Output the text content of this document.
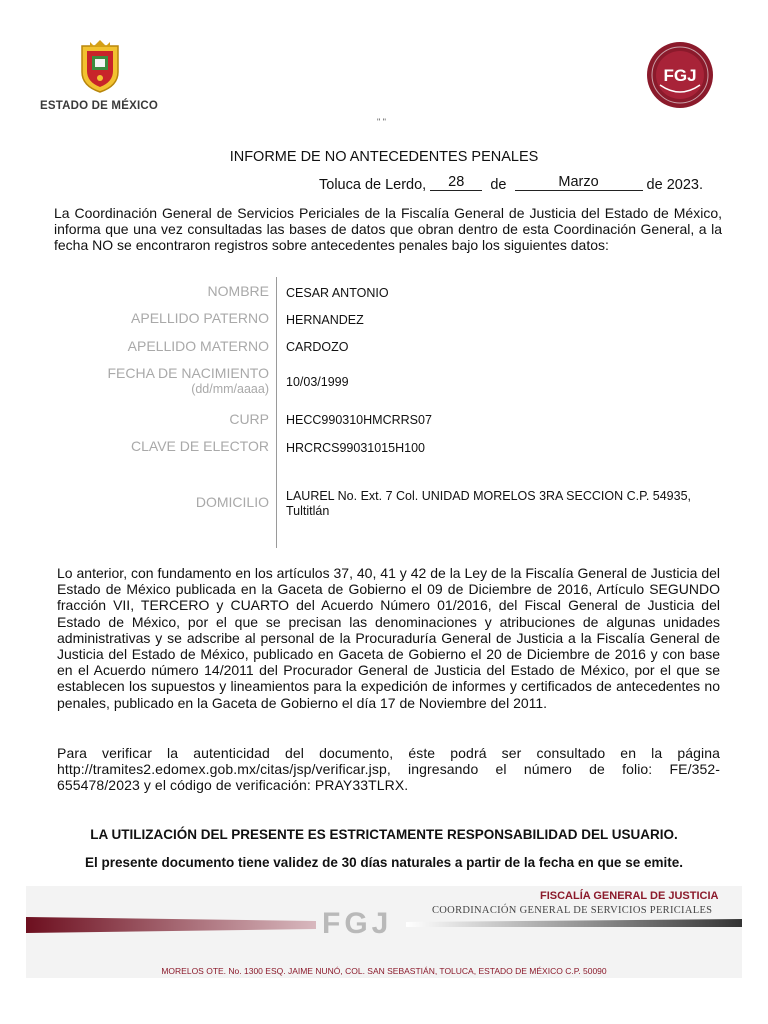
ESTADO DE MÉXICO
FGJ
" "
INFORME DE NO ANTECEDENTES PENALES
Toluca de Lerdo, 28 de	Marzo	de 2023.
La Coordinación General de Servicios Periciales de la Fiscalía General de Justicia del Estado de México, informa que una vez consultadas las bases de datos que obran dentro de esta Coordinación General, a la fecha NO se encontraron registros sobre antecedentes penales bajo los siguientes datos:
NOMBRE CESAR ANTONIO
APELLIDO PATERNO HERNANDEZ
APELLIDO MATERNO CARDOZO
FECHA DE NACIMIENTO
(dd/mm/aaaa) 10/03/1999
CURP HECC990310HMCRRS07
CLAVE DE ELECTOR HRCRCS99031015H100
DOMICILIO LAUREL No. Ext. 7 Col. UNIDAD MORELOS 3RA SECCION C.P. 54935, Tultitlán
Lo anterior, con fundamento en los artículos 37, 40, 41 y 42 de la Ley de la Fiscalía General de Justicia del Estado de México publicada en la Gaceta de Gobierno el 09 de Diciembre de 2016, Artículo SEGUNDO fracción VII, TERCERO y CUARTO del Acuerdo Número 01/2016, del Fiscal General de Justicia del Estado de México, por el que se precisan las denominaciones y atribuciones de algunas unidades administrativas y se adscribe al personal de la Procuraduría General de Justicia a la Fiscalía General de Justicia del Estado de México, publicado en Gaceta de Gobierno el 20 de Diciembre de 2016 y con base en el Acuerdo número 14/2011 del Procurador General de Justicia del Estado de México, por el que se establecen los supuestos y lineamientos para la expedición de informes y certificados de antecedentes no penales, publicado en la Gaceta de Gobierno el día 17 de Noviembre del 2011.
Para verificar la autenticidad del documento, éste podrá ser consultado en la página http://tramites2.edomex.gob.mx/citas/jsp/verificar.jsp, ingresando el número de folio: FE/352-655478/2023 y el código de verificación: PRAY33TLRX.
LA UTILIZACIÓN DEL PRESENTE ES ESTRICTAMENTE RESPONSABILIDAD DEL USUARIO.
El presente documento tiene validez de 30 días naturales a partir de la fecha en que se emite.
FISCALÍA GENERAL DE JUSTICIA
COORDINACIÓN GENERAL DE SERVICIOS PERICIALES
FGJ
MORELOS OTE. No. 1300 ESQ. JAIME NUNÓ, COL. SAN SEBASTIÁN, TOLUCA, ESTADO DE MÉXICO C.P. 50090
